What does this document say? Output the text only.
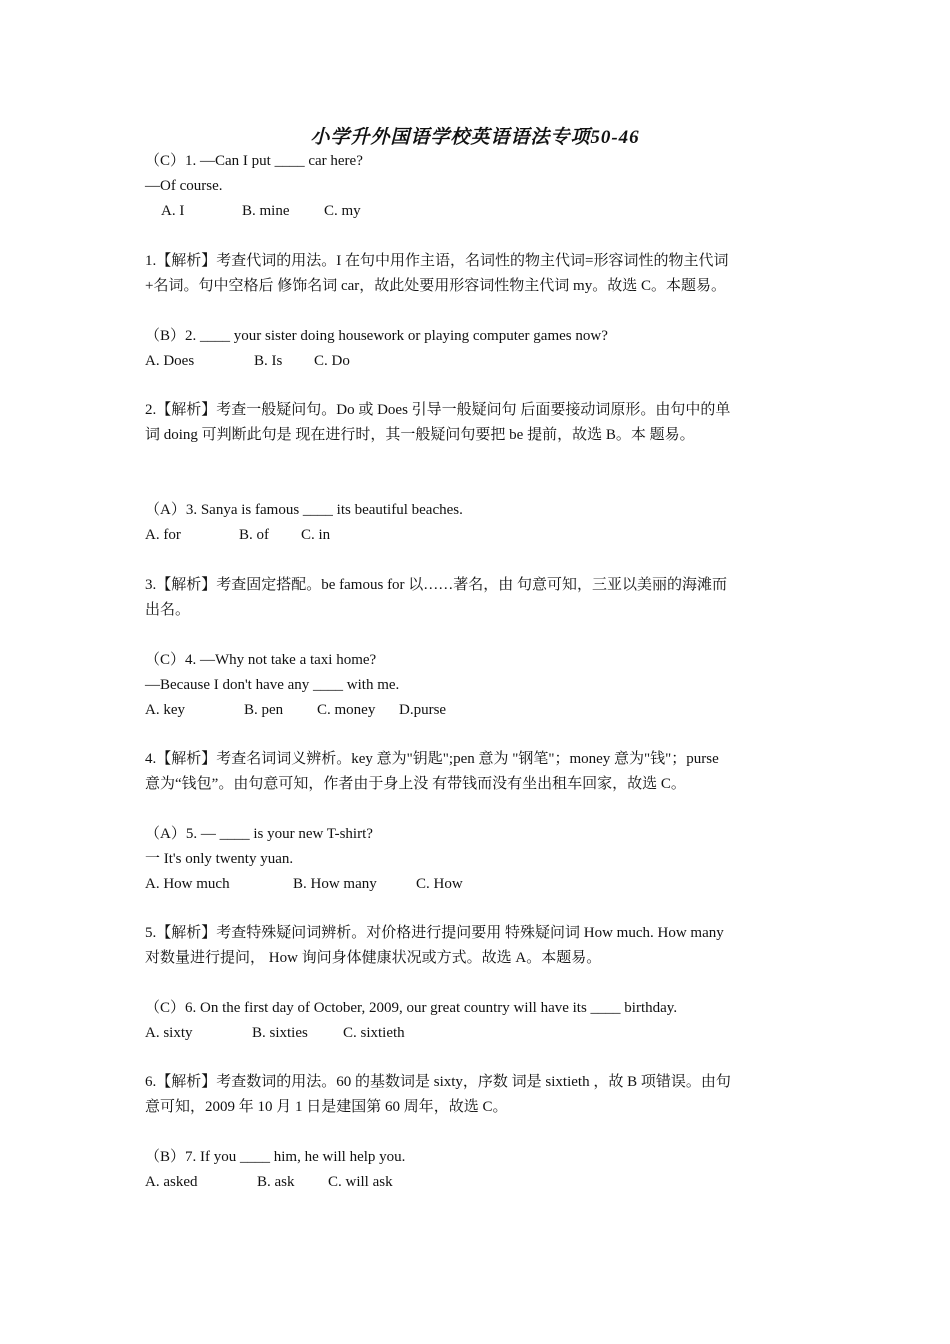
小学升外国语学校英语语法专项50-46
（C）1. —Can I put ____ car here?
—Of course.
A. I	B. mine C. my
1.【解析】考查代词的用法。I 在句中用作主语，名词性的物主代词=形容词性的物主代词
+名词。句中空格后 修饰名词 car，故此处要用形容词性物主代词 my。故选 C。本题易。
（B）2. ____ your sister doing housework or playing computer games now?
A. Does	B. Is C. Do
2.【解析】考查一般疑问句。Do 或 Does 引导一般疑问句 后面要接动词原形。由句中的单
词 doing 可判断此句是 现在进行时，其一般疑问句要把 be 提前，故选 B。本 题易。
（A）3. Sanya is famous ____ its beautiful beaches.
A. for	B. of C. in
3.【解析】考查固定搭配。be famous for 以……著名，由 句意可知，三亚以美丽的海滩而
出名。
（C）4. —Why not take a taxi home?
—Because I don't have any ____ with me.
A. key	B. pen C. money D.purse
4.【解析】考查名词词义辨析。key 意为"钥匙";pen 意为 "钢笔"；money 意为"钱"；purse
意为“钱包”。由句意可知，作者由于身上没 有带钱而没有坐出租车回家，故选 C。
（A）5. — ____ is your new T-shirt?
一 It's only twenty yuan.
A. How much	B. How many	C. How
5.【解析】考查特殊疑问词辨析。对价格进行提问要用 特殊疑问词 How much. How many
对数量进行提问， How 询问身体健康状况或方式。故选 A。本题易。
（C）6. On the first day of October, 2009, our great country will have its ____ birthday.
A. sixty	B. sixties C. sixtieth
6.【解析】考查数词的用法。60 的基数词是 sixty，序数 词是 sixtieth ，故 B 项错误。由句
意可知，2009 年 10 月 1 日是建国第 60 周年，故选 C。
（B）7. If you ____ him, he will help you.
A. asked	B. ask C. will ask
